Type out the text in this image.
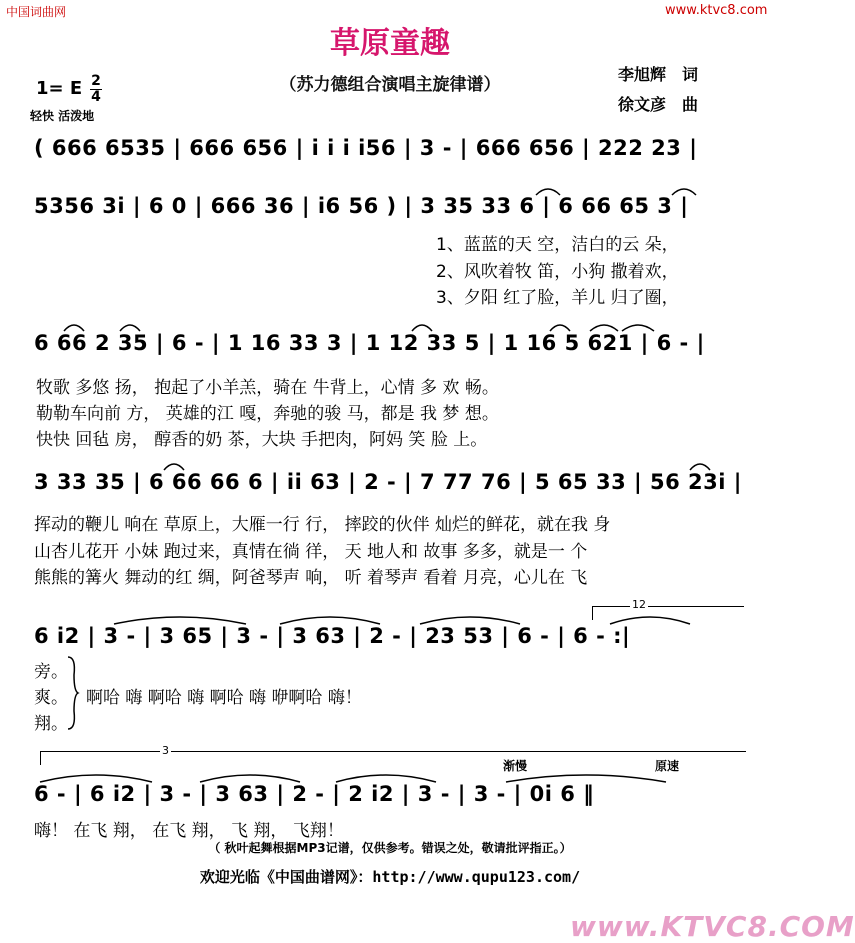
中国词曲网	www.ktvc8.com
草原童趣
（苏力德组合演唱主旋律谱）
李旭辉　词
徐文彦　曲
1= E $\frac{2}{4}$
轻快 活泼地
( 666 6535 | 666 656 | i i i i56 | 3 - | 666 656 | 222 23 |
5356 3i | 6 0 | 666 36 | i6 56 ) | 3 35 33 6 | 6 66 65 3 |
1、蓝蓝的天 空，洁白的云 朵，
2、风吹着牧 笛，小狗 撒着欢，
3、夕阳 红了脸，羊儿 归了圈，
6 66 2 35 | 6 - | 1 16 33 3 | 1 12 33 5 | 1 16 5 621 | 6 - |
牧歌 多悠 扬， 抱起了小羊羔，骑在 牛背上，心情 多 欢 畅。
勒勒车向前 方， 英雄的江 嘎，奔驰的骏 马，都是 我 梦 想。
快快 回毡 房， 醇香的奶 茶，大块 手把肉，阿妈 笑 脸 上。
3 33 35 | 6 66 66 6 | ii 63 | 2 - | 7 77 76 | 5 65 33 | 56 23i |
挥动的鞭儿 响在 草原上，大雁一行 行， 摔跤的伙伴 灿烂的鲜花，就在我 身
山杏儿花开 小妹 跑过来，真情在徜 徉， 天 地人和 故事 多多，就是一 个
熊熊的篝火 舞动的红 绸，阿爸琴声 响， 听 着琴声 看着 月亮，心儿在 飞
12
6 i2 | 3 - | 3 65 | 3 - | 3 63 | 2 - | 23 53 | 6 - | 6 - :|
旁。
爽。
翔。
啊哈 嗨 啊哈 嗨 啊哈 嗨 咿啊哈 嗨！
3
渐慢	原速
6 - | 6 i2 | 3 - | 3 63 | 2 - | 2 i2 | 3 - | 3 - | 0i 6 ‖
嗨！ 在飞 翔， 在飞 翔， 飞 翔， 飞翔！
（ 秋叶起舞根据MP3记谱，仅供参考。错误之处，敬请批评指正。）
欢迎光临《中国曲谱网》：http://www.qupu123.com/
www.KTVC8.COM
